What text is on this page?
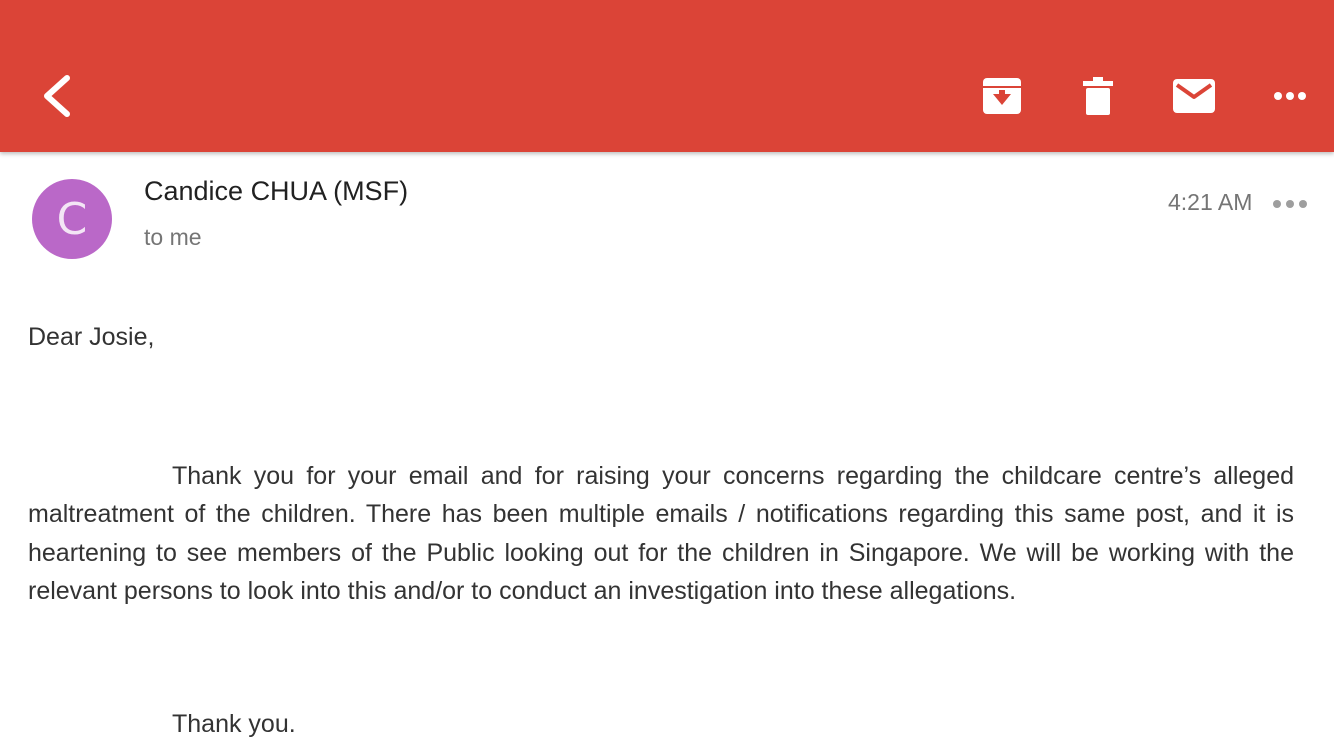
C
Candice CHUA (MSF)
to me
4:21 AM

Dear Josie,

Thank you for your email and for raising your concerns regarding the childcare centre’s alleged maltreatment of the children. There has been multiple emails / notifications regarding this same post, and it is heartening to see members of the Public looking out for the children in Singapore. We will be working with the relevant persons to look into this and/or to conduct an investigation into these allegations.

Thank you.
